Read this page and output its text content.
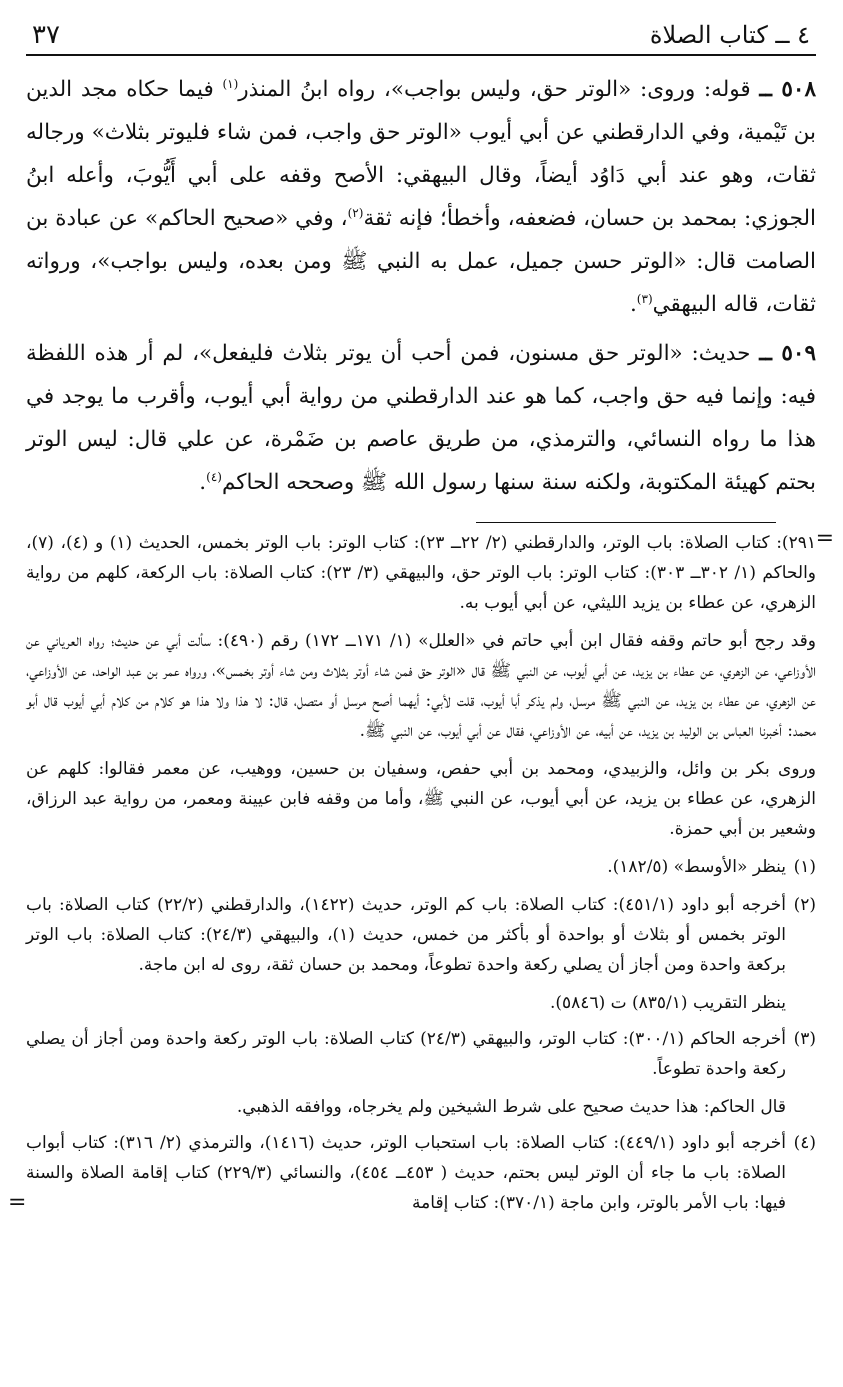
٤ ــ كتاب الصلاة
٣٧

٥٠٨ ــ قوله: وروى: «الوتر حق، وليس بواجب»، رواه ابنُ المنذر$^{(١)}$ فيما حكاه مجد الدين بن تَيْمية، وفي الدارقطني عن أبي أيوب «الوتر حق واجب، فمن شاء فليوتر بثلاث» ورجاله ثقات، وهو عند أبي دَاوُد أيضاً، وقال البيهقي: الأصح وقفه على أبي أَيُّوبَ، وأعله ابنُ الجوزي: بمحمد بن حسان، فضعفه، وأخطأ؛ فإنه ثقة$^{(٢)}$، وفي «صحيح الحاكم» عن عبادة بن الصامت قال: «الوتر حسن جميل، عمل به النبي ﷺ ومن بعده، وليس بواجب»، ورواته ثقات، قاله البيهقي$^{(٣)}$.

٥٠٩ ــ حديث: «الوتر حق مسنون، فمن أحب أن يوتر بثلاث فليفعل»، لم أر هذه اللفظة فيه: وإنما فيه حق واجب، كما هو عند الدارقطني من رواية أبي أيوب، وأقرب ما يوجد في هذا ما رواه النسائي، والترمذي، من طريق عاصم بن ضَمْرة، عن علي قال: ليس الوتر بحتم كهيئة المكتوبة، ولكنه سنة سنها رسول الله ﷺ وصححه الحاكم$^{(٤)}$.

=

٢٩١): كتاب الصلاة: باب الوتر، والدارقطني (٢/ ٢٢ــ ٢٣): كتاب الوتر: باب الوتر بخمس، الحديث (١) و (٤)، (٧)، والحاكم (١/ ٣٠٢ــ ٣٠٣): كتاب الوتر: باب الوتر حق، والبيهقي (٣/ ٢٣): كتاب الصلاة: باب الركعة، كلهم من رواية الزهري، عن عطاء بن يزيد الليثي، عن أبي أيوب به.

وقد رجح أبو حاتم وقفه فقال ابن أبي حاتم في «العلل» (١/ ١٧١ــ ١٧٢) رقم (٤٩٠): سألت أبي عن حديث؛ رواه العرياني عن الأوزاعي، عن الزهري، عن عطاء بن يزيد، عن أبي أيوب، عن النبي ﷺ قال «الوتر حق فمن شاء أوتر بثلاث ومن شاء أوتر بخمس»، ورواه عمر بن عبد الواحد، عن الأوزاعي، عن الزهري، عن عطاء بن يزيد، عن النبي ﷺ مرسل، ولم يذكر أبا أيوب، قلت لأبي: أيهما أصح مرسل أو متصل، قال: لا هذا ولا هذا هو كلام من كلام أبي أيوب قال أبو محمد: أخبرنا العباس بن الوليد بن يزيد، عن أبيه، عن الأوزاعي، فقال عن أبي أيوب، عن النبي ﷺ.

وروى بكر بن وائل، والزبيدي، ومحمد بن أبي حفص، وسفيان بن حسين، ووهيب، عن معمر فقالوا: كلهم عن الزهري، عن عطاء بن يزيد، عن أبي أيوب، عن النبي ﷺ، وأما من وقفه فابن عيينة ومعمر، من رواية عبد الرزاق، وشعير بن أبي حمزة.

(١)ينظر «الأوسط» (١٨٢/٥).

(٢)أخرجه أبو داود (٤٥١/١): كتاب الصلاة: باب كم الوتر، حديث (١٤٢٢)، والدارقطني (٢٢/٢) كتاب الصلاة: باب الوتر بخمس أو بثلاث أو بواحدة أو بأكثر من خمس، حديث (١)، والبيهقي (٢٤/٣): كتاب الصلاة: باب الوتر بركعة واحدة ومن أجاز أن يصلي ركعة واحدة تطوعاً، ومحمد بن حسان ثقة، روى له ابن ماجة.

ينظر التقريب (٨٣٥/١) ت (٥٨٤٦).

(٣)أخرجه الحاكم (٣٠٠/١): كتاب الوتر، والبيهقي (٢٤/٣) كتاب الصلاة: باب الوتر ركعة واحدة ومن أجاز أن يصلي ركعة واحدة تطوعاً.

قال الحاكم: هذا حديث صحيح على شرط الشيخين ولم يخرجاه، ووافقه الذهبي.

(٤)أخرجه أبو داود (٤٤٩/١): كتاب الصلاة: باب استحباب الوتر، حديث (١٤١٦)، والترمذي (٢/ ٣١٦): كتاب أبواب الصلاة: باب ما جاء أن الوتر ليس بحتم، حديث ( ٤٥٣ــ ٤٥٤)، والنسائي (٢٢٩/٣) كتاب إقامة الصلاة والسنة فيها: باب الأمر بالوتر، وابن ماجة (٣٧٠/١): كتاب إقامة

=
